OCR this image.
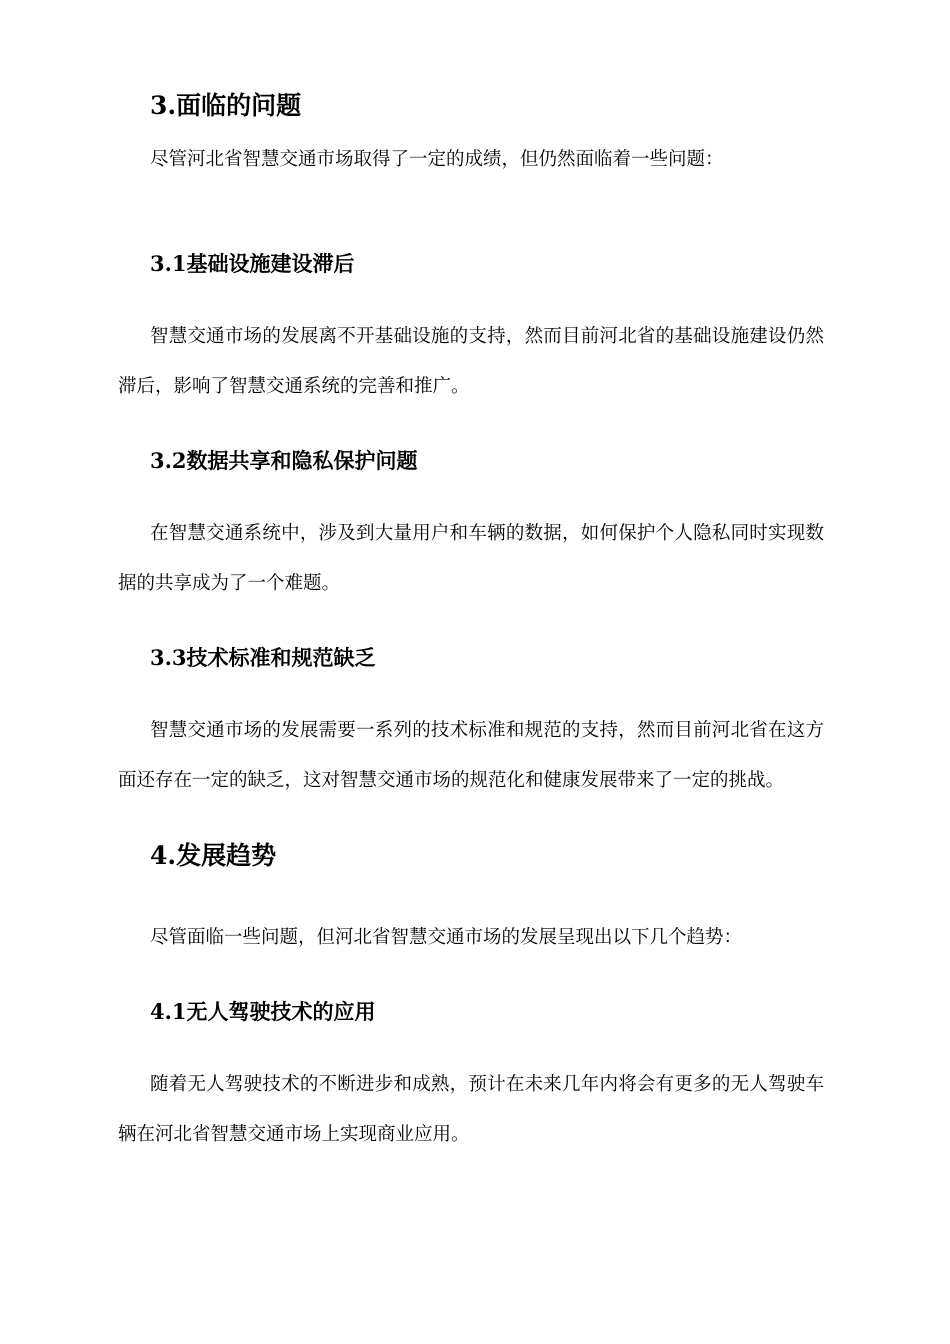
3.面临的问题

尽管河北省智慧交通市场取得了一定的成绩，但仍然面临着一些问题：

3.1基础设施建设滞后

智慧交通市场的发展离不开基础设施的支持，然而目前河北省的基础设施建设仍然滞后，影响了智慧交通系统的完善和推广。

3.2数据共享和隐私保护问题

在智慧交通系统中，涉及到大量用户和车辆的数据，如何保护个人隐私同时实现数据的共享成为了一个难题。

3.3技术标准和规范缺乏

智慧交通市场的发展需要一系列的技术标准和规范的支持，然而目前河北省在这方面还存在一定的缺乏，这对智慧交通市场的规范化和健康发展带来了一定的挑战。

4.发展趋势

尽管面临一些问题，但河北省智慧交通市场的发展呈现出以下几个趋势：

4.1无人驾驶技术的应用

随着无人驾驶技术的不断进步和成熟，预计在未来几年内将会有更多的无人驾驶车辆在河北省智慧交通市场上实现商业应用。
